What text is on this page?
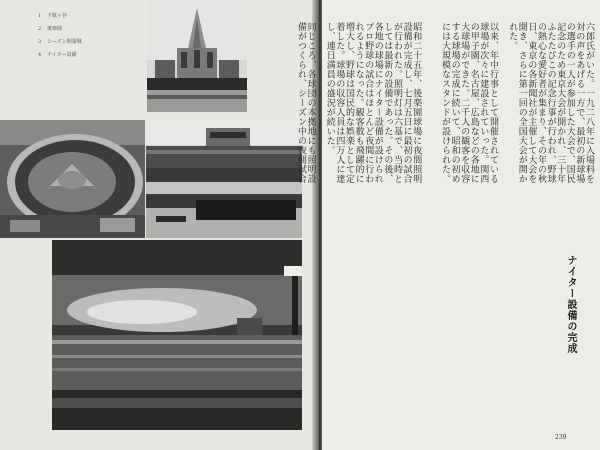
1 千駄ヶ谷
2 後楽園
3 シーズン開幕戦
4 ナイター設備	六郎氏がいた。一九二八年に入場料を
対の声をあげる一方で、最初の新球場
の選手の一人が参加した大会で、国民
記念のため東京大会が開かれ、三十年
ふたたびこの記念行事が行われ、野球
の熱心な愛好者が集まり、その年の秋
日、東京の各新聞社が主催して大会を
開き、さらに第一回の全国大会が開か
れた。
以来、年中行事として開催されている
球場が次々に建設されていった。関西
の甲子園、名古屋、広島などの各地に
大球場ができた。二千人の観客を収容
する球場の完成に続いて、昭和の初め
には大規模なスタンドが設けられた。
昭和二十五年、後楽園球場に夜間照明
設備が完成し、七月五日に最初の試合
が行われた。照明灯は六基で、当時と
しては最新の設備であった。その後、
各地の球場にナイター設備が設けられ
プロ野球の試合はほとんど夜間に行わ
れるようになった。観客数も飛躍的に
増大し、野球は国民的な娯楽として定
着した。球場の収容人員は四万人に達
し、連日満員の盛況が続いた。
同じころ、各球団の本拠地にも照明設
備がつくられ、シーズン中の夜間試合
ナイター設備の完成
239
